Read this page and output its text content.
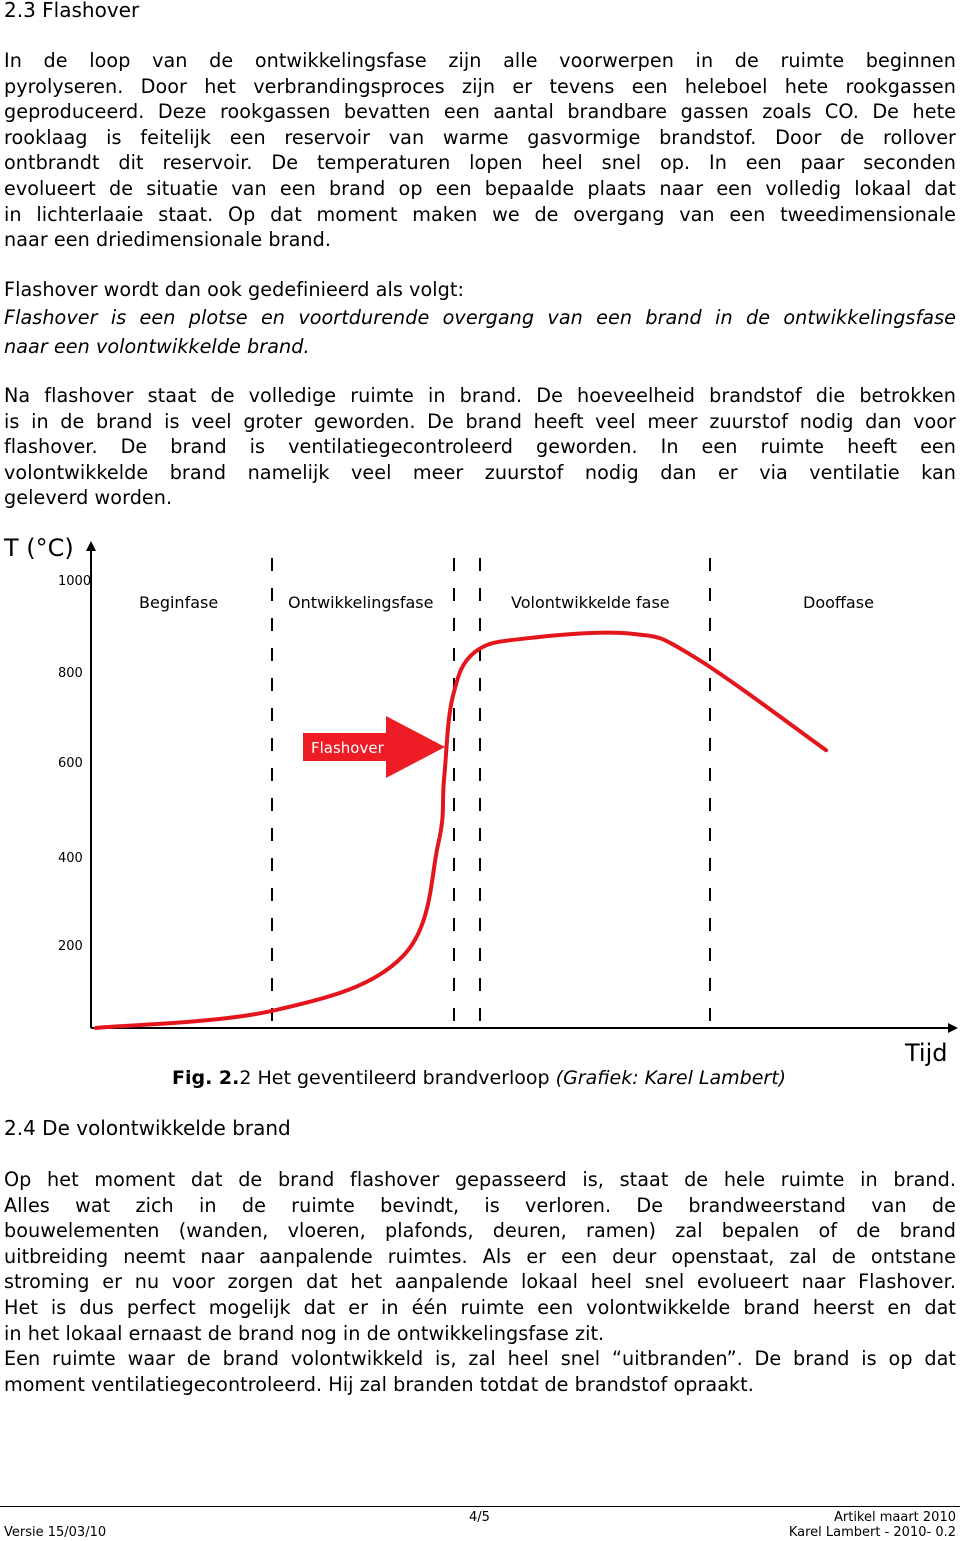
2.3 Flashover
In de loop van de ontwikkelingsfase zijn alle voorwerpen in de ruimte beginnen
pyrolyseren. Door het verbrandingsproces zijn er tevens een heleboel hete rookgassen
geproduceerd. Deze rookgassen bevatten een aantal brandbare gassen zoals CO. De hete
rooklaag is feitelijk een reservoir van warme gasvormige brandstof. Door de rollover
ontbrandt dit reservoir. De temperaturen lopen heel snel op. In een paar seconden
evolueert de situatie van een brand op een bepaalde plaats naar een volledig lokaal dat
in lichterlaaie staat. Op dat moment maken we de overgang van een tweedimensionale
naar een driedimensionale brand.
Flashover wordt dan ook gedefinieerd als volgt:
Flashover is een plotse en voortdurende overgang van een brand in de ontwikkelingsfase
naar een volontwikkelde brand.
Na flashover staat de volledige ruimte in brand. De hoeveelheid brandstof die betrokken
is in de brand is veel groter geworden. De brand heeft veel meer zuurstof nodig dan voor
flashover. De brand is ventilatiegecontroleerd geworden. In een ruimte heeft een
volontwikkelde brand namelijk veel meer zuurstof nodig dan er via ventilatie kan
geleverd worden.
T (°C)
Tijd
1000
800
600
400
200
Beginfase	Ontwikkelingsfase	Volontwikkelde fase	Dooffase
Flashover
Fig. 2.2 Het geventileerd brandverloop (Grafiek: Karel Lambert)
2.4 De volontwikkelde brand
Op het moment dat de brand flashover gepasseerd is, staat de hele ruimte in brand.
Alles wat zich in de ruimte bevindt, is verloren. De brandweerstand van de
bouwelementen (wanden, vloeren, plafonds, deuren, ramen) zal bepalen of de brand
uitbreiding neemt naar aanpalende ruimtes. Als er een deur openstaat, zal de ontstane
stroming er nu voor zorgen dat het aanpalende lokaal heel snel evolueert naar Flashover.
Het is dus perfect mogelijk dat er in één ruimte een volontwikkelde brand heerst en dat
in het lokaal ernaast de brand nog in de ontwikkelingsfase zit.
Een ruimte waar de brand volontwikkeld is, zal heel snel “uitbranden”. De brand is op dat
moment ventilatiegecontroleerd. Hij zal branden totdat de brandstof opraakt.
Versie 15/03/10
4/5	Artikel maart 2010
Karel Lambert - 2010- 0.2
